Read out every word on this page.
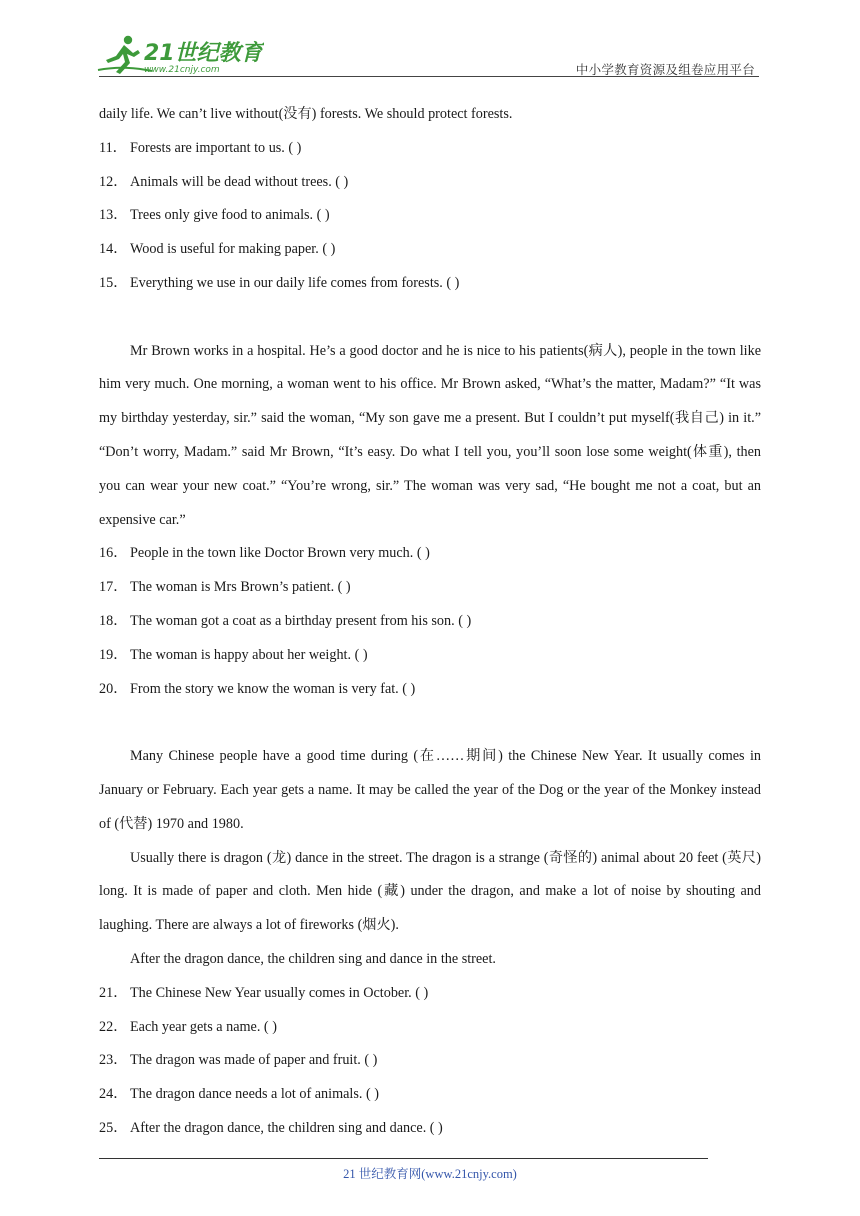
21世纪教育
www.21cnjy.com	中小学教育资源及组卷应用平台
daily life. We can’t live without(没有) forests. We should protect forests.
11． Forests are important to us. ( )
12． Animals will be dead without trees. ( )
13． Trees only give food to animals. ( )
14． Wood is useful for making paper. ( )
15． Everything we use in our daily life comes from forests. ( )
Mr Brown works in a hospital. He’s a good doctor and he is nice to his patients(病人), people in the town like him very much. One morning, a woman went to his office. Mr Brown asked, “What’s the matter, Madam?” “It was my birthday yesterday, sir.” said the woman, “My son gave me a present. But I couldn’t put myself(我自己) in it.” “Don’t worry, Madam.” said Mr Brown, “It’s easy. Do what I tell you, you’ll soon lose some weight(体重), then you can wear your new coat.” “You’re wrong, sir.” The woman was very sad, “He bought me not a coat, but an expensive car.”
16． People in the town like Doctor Brown very much. ( )
17． The woman is Mrs Brown’s patient. ( )
18． The woman got a coat as a birthday present from his son. ( )
19． The woman is happy about her weight. ( )
20． From the story we know the woman is very fat. ( )
Many Chinese people have a good time during (在……期间) the Chinese New Year. It usually comes in January or February. Each year gets a name. It may be called the year of the Dog or the year of the Monkey instead of (代替) 1970 and 1980.
Usually there is dragon (龙) dance in the street. The dragon is a strange (奇怪的) animal about 20 feet (英尺) long. It is made of paper and cloth. Men hide (藏) under the dragon, and make a lot of noise by shouting and laughing. There are always a lot of fireworks (烟火).
After the dragon dance, the children sing and dance in the street.
21． The Chinese New Year usually comes in October. ( )
22． Each year gets a name. ( )
23． The dragon was made of paper and fruit. ( )
24． The dragon dance needs a lot of animals. ( )
25． After the dragon dance, the children sing and dance. ( )
21 世纪教育网(www.21cnjy.com)
